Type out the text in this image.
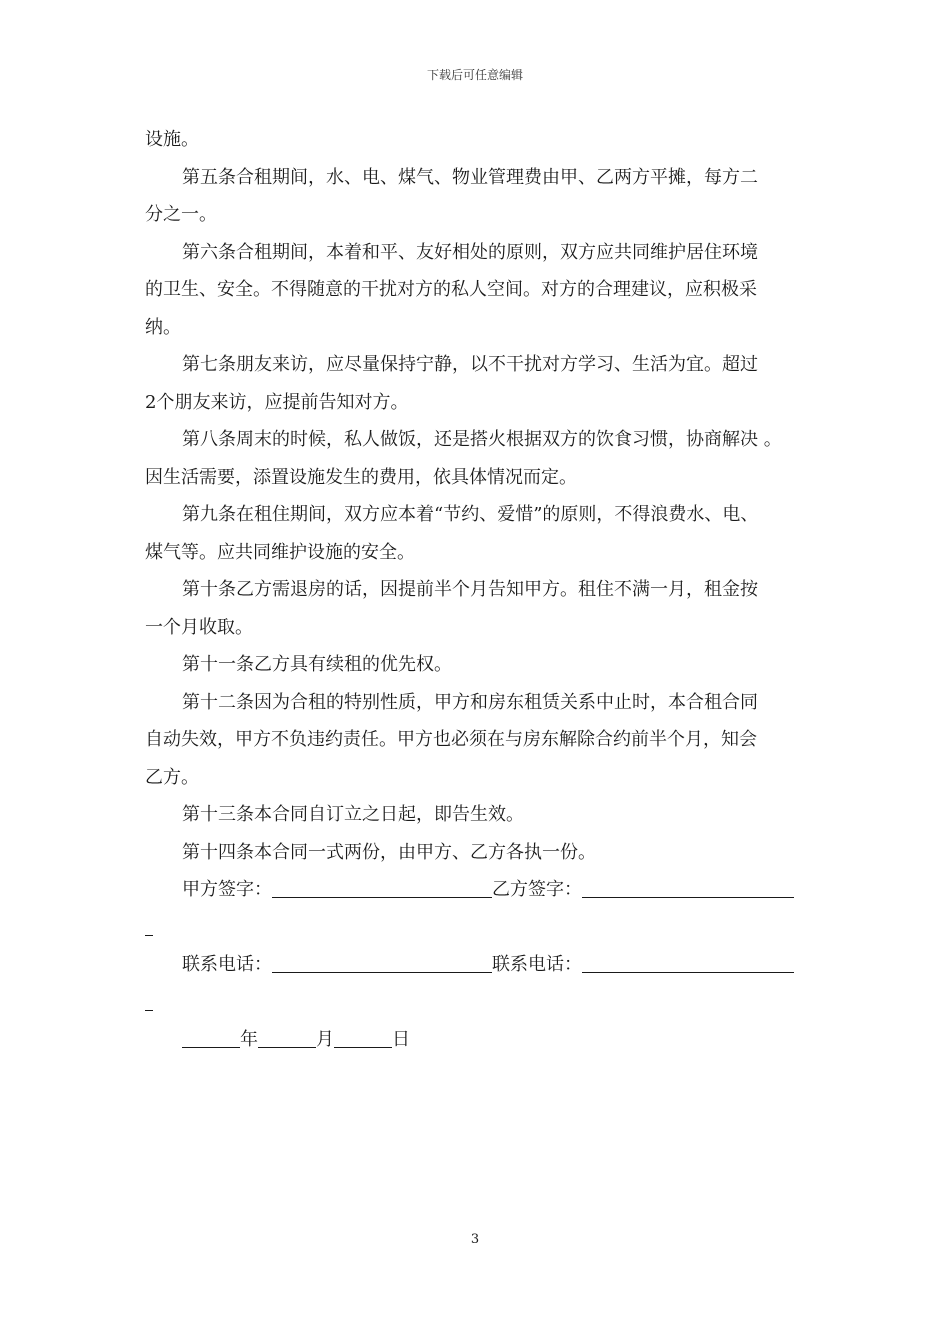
下载后可任意编辑

设施。

第五条合租期间，水、电、煤气、物业管理费由甲、乙两方平摊，每方二
分之一。

第六条合租期间，本着和平、友好相处的原则，双方应共同维护居住环境
的卫生、安全。不得随意的干扰对方的私人空间。对方的合理建议，应积极采
纳。

第七条朋友来访，应尽量保持宁静，以不干扰对方学习、生活为宜。超过
2个朋友来访，应提前告知对方。

第八条周末的时候，私人做饭，还是搭火根据双方的饮食习惯，协商解决 。
因生活需要，添置设施发生的费用，依具体情况而定。

第九条在租住期间，双方应本着“节约、爱惜”的原则，不得浪费水、电、
煤气等。应共同维护设施的安全。

第十条乙方需退房的话，因提前半个月告知甲方。租住不满一月，租金按
一个月收取。

第十一条乙方具有续租的优先权。

第十二条因为合租的特别性质，甲方和房东租赁关系中止时，本合租合同
自动失效，甲方不负违约责任。甲方也必须在与房东解除合约前半个月，知会
乙方。

第十三条本合同自订立之日起，即告生效。

第十四条本合同一式两份，由甲方、乙方各执一份。

甲方签字：	乙方签字：

联系电话：	联系电话：

年	月	日

3
